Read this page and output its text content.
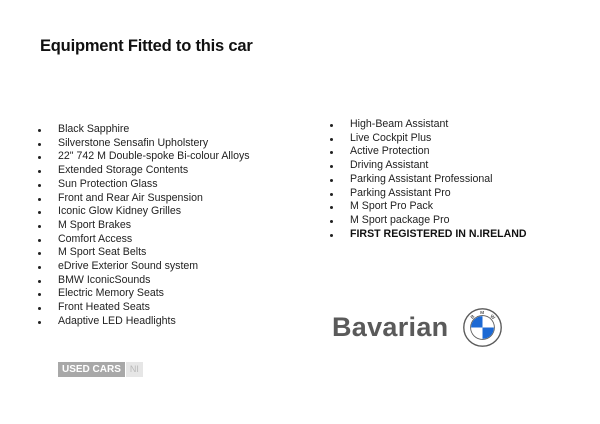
Equipment Fitted to this car
Black Sapphire
Silverstone Sensafin Upholstery
22" 742 M Double-spoke Bi-colour Alloys
Extended Storage Contents
Sun Protection Glass
Front and Rear Air Suspension
Iconic Glow Kidney Grilles
M Sport Brakes
Comfort Access
M Sport Seat Belts
eDrive Exterior Sound system
BMW IconicSounds
Electric Memory Seats
Front Heated Seats
Adaptive LED Headlights
High-Beam Assistant
Live Cockpit Plus
Active Protection
Driving Assistant
Parking Assistant Professional
Parking Assistant Pro
M Sport Pro Pack
M Sport package Pro
FIRST REGISTERED IN N.IRELAND
Bavarian	B
M
W
USED CARS	NI
